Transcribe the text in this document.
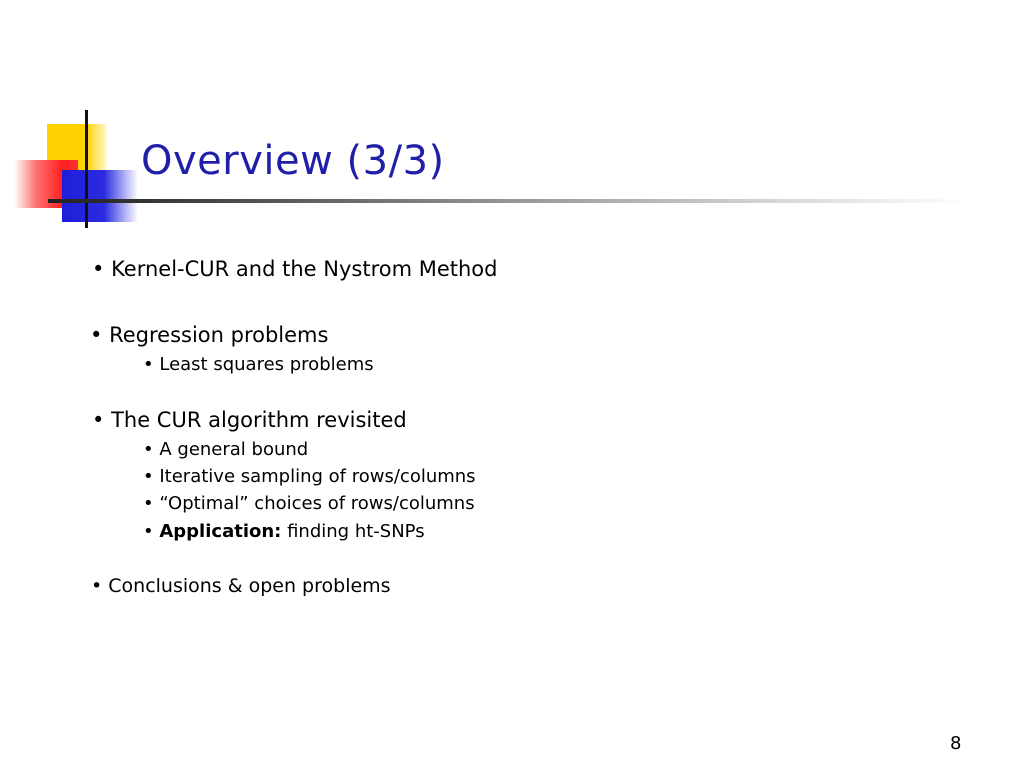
Overview (3/3)
• Kernel-CUR and the Nystrom Method
• Regression problems
• Least squares problems
• The CUR algorithm revisited
• A general bound
• Iterative sampling of rows/columns
• “Optimal” choices of rows/columns
• Application: finding ht-SNPs
• Conclusions & open problems
8
